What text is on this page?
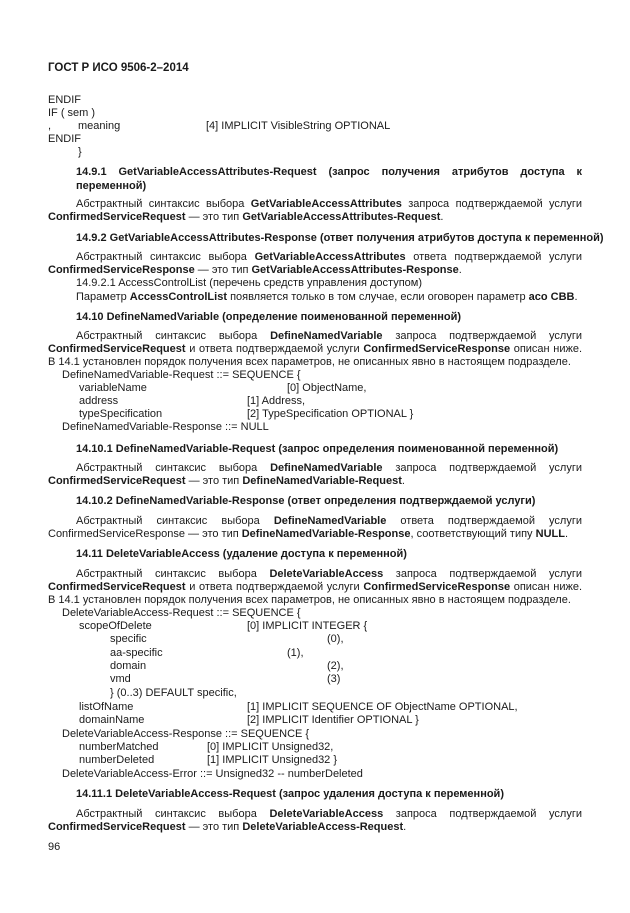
ГОСТ Р ИСО 9506-2–2014
ENDIF
IF ( sem )
, meaning	[4] IMPLICIT VisibleString OPTIONAL
ENDIF
}
14.9.1 GetVariableAccessAttributes-Request (запрос получения атрибутов доступа к
переменной)
Абстрактный синтаксис выбора GetVariableAccessAttributes запроса подтверждаемой услуги
ConfirmedServiceRequest — это тип GetVariableAccessAttributes-Request.
14.9.2 GetVariableAccessAttributes-Response (ответ получения атрибутов доступа к переменной)
Абстрактный синтаксис выбора GetVariableAccessAttributes ответа подтверждаемой услуги
ConfirmedServiceResponse — это тип GetVariableAccessAttributes-Response.
14.9.2.1 AccessControlList (перечень средств управления доступом)
Параметр AccessControlList появляется только в том случае, если оговорен параметр aco CBB.
14.10 DefineNamedVariable (определение поименованной переменной)
Абстрактный синтаксис выбора DefineNamedVariable запроса подтверждаемой услуги
ConfirmedServiceRequest и ответа подтверждаемой услуги ConfirmedServiceResponse описан ниже.
В 14.1 установлен порядок получения всех параметров, не описанных явно в настоящем подразделе.
DefineNamedVariable-Request ::= SEQUENCE {
variableName	[0] ObjectName,
address	[1] Address,
typeSpecification	[2] TypeSpecification OPTIONAL }
DefineNamedVariable-Response ::= NULL
14.10.1 DefineNamedVariable-Request (запрос определения поименованной переменной)
Абстрактный синтаксис выбора DefineNamedVariable запроса подтверждаемой услуги
ConfirmedServiceRequest — это тип DefineNamedVariable-Request.
14.10.2 DefineNamedVariable-Response (ответ определения подтверждаемой услуги)
Абстрактный синтаксис выбора DefineNamedVariable ответа подтверждаемой услуги
ConfirmedServiceResponse — это тип DefineNamedVariable-Response, соответствующий типу NULL.
14.11 DeleteVariableAccess (удаление доступа к переменной)
Абстрактный синтаксис выбора DeleteVariableAccess запроса подтверждаемой услуги
ConfirmedServiceRequest и ответа подтверждаемой услуги ConfirmedServiceResponse описан ниже.
В 14.1 установлен порядок получения всех параметров, не описанных явно в настоящем подразделе.
DeleteVariableAccess-Request ::= SEQUENCE {
scopeOfDelete	[0] IMPLICIT INTEGER {
specific	(0),
aa-specific	(1),
domain	(2),
vmd	(3)
} (0..3) DEFAULT specific,
listOfName	[1] IMPLICIT SEQUENCE OF ObjectName OPTIONAL,
domainName	[2] IMPLICIT Identifier OPTIONAL }
DeleteVariableAccess-Response ::= SEQUENCE {
numberMatched	[0] IMPLICIT Unsigned32,
numberDeleted	[1] IMPLICIT Unsigned32 }
DeleteVariableAccess-Error ::= Unsigned32 -- numberDeleted
14.11.1 DeleteVariableAccess-Request (запрос удаления доступа к переменной)
Абстрактный синтаксис выбора DeleteVariableAccess запроса подтверждаемой услуги
ConfirmedServiceRequest — это тип DeleteVariableAccess-Request.
96
